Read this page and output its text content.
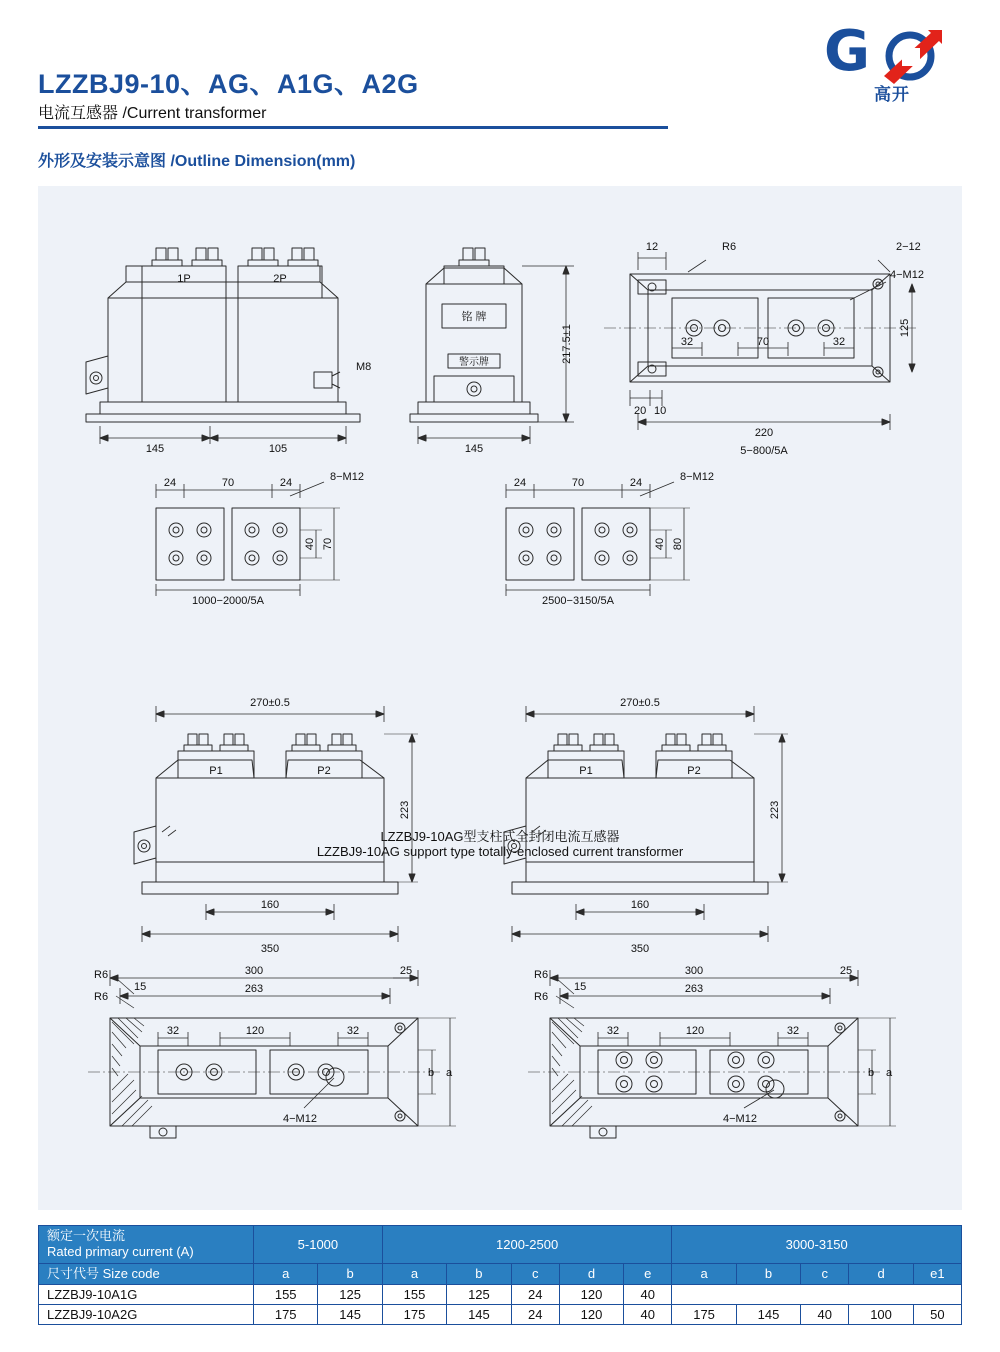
LZZBJ9-10、AG、A1G、A2G
电流互感器 /Current transformer
外形及安装示意图 /Outline Dimension(mm)
G
高开
1P	2P
铭 牌
警示牌
M8
145	105	145
12	R6	2−12
4−M12
32	70	32
20 10
220
5−800/5A
70
24	24	8−M12	70
24	24	8−M12
1000−2000/5A	2500−3150/5A
217.5±1	125
40 70	40 80
LZZBJ9-10AG型支柱式全封闭电流互感器
LZZBJ9-10AG support type totally-enclosed current transformer
270±0.5
P1	P2
160
350
270±0.5
P1	P2
160
350
223	223
263
300	25
R6
R6
15
32	120	32
4−M12
b a
263
300	25
R6
R6
15
32	120	32
4−M12
b a
额定一次电流
Rated primary current (A)	5-1000		1200-2500					3000-3150				
尺寸代号 Size code	a	b	a	b	c	d	e	a	b	c	d	e1
LZZBJ9-10A1G	155	125	155	125	24	120	40					
LZZBJ9-10A2G	175	145	175	145	24	120	40	175	145	40	100	50
